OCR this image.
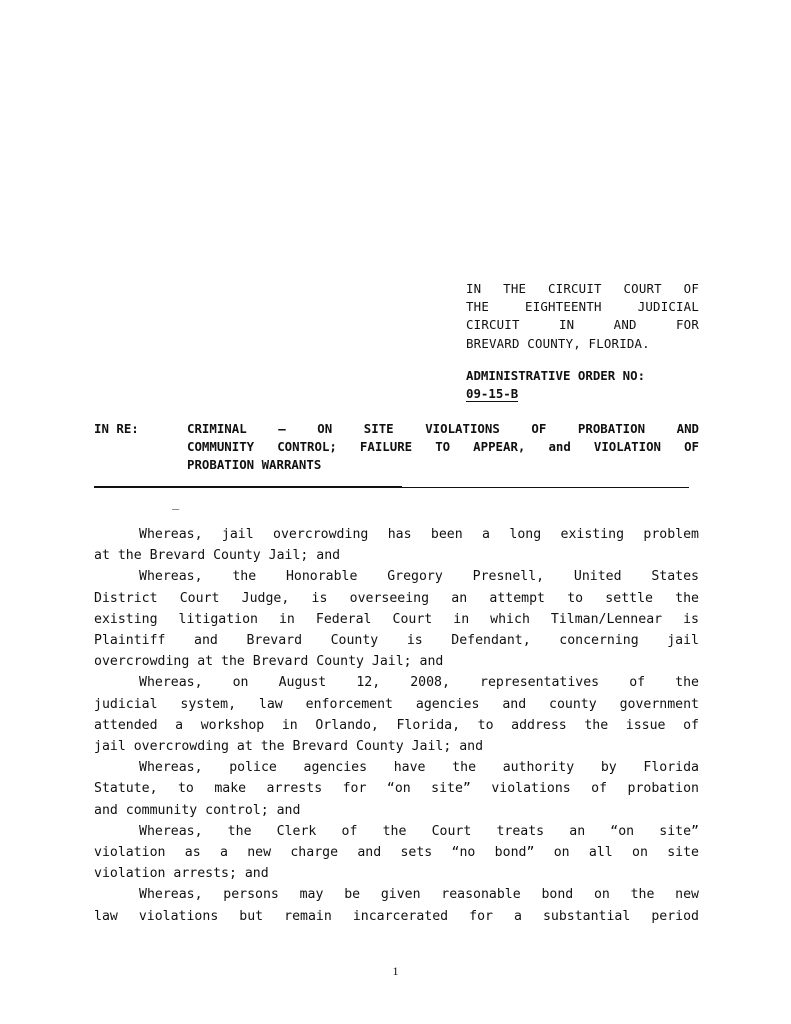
IN THE CIRCUIT COURT OF
THE EIGHTEENTH JUDICIAL
CIRCUIT IN AND FOR
BREVARD COUNTY, FLORIDA.
ADMINISTRATIVE ORDER NO:
09-15-B
IN RE:	CRIMINAL – ON SITE VIOLATIONS OF PROBATION AND
COMMUNITY CONTROL; FAILURE TO APPEAR, and VIOLATION OF
PROBATION WARRANTS
_
Whereas, jail overcrowding has been a long existing problem
at the Brevard County Jail; and
Whereas, the Honorable Gregory Presnell, United States
District Court Judge, is overseeing an attempt to settle the
existing litigation in Federal Court in which Tilman/Lennear is
Plaintiff and Brevard County is Defendant, concerning jail
overcrowding at the Brevard County Jail; and
Whereas, on August 12, 2008, representatives of the
judicial system, law enforcement agencies and county government
attended a workshop in Orlando, Florida, to address the issue of
jail overcrowding at the Brevard County Jail; and
Whereas, police agencies have the authority by Florida
Statute, to make arrests for “on site” violations of probation
and community control; and
Whereas, the Clerk of the Court treats an “on site”
violation as a new charge and sets “no bond” on all on site
violation arrests; and
Whereas, persons may be given reasonable bond on the new
law violations but remain incarcerated for a substantial period
1
